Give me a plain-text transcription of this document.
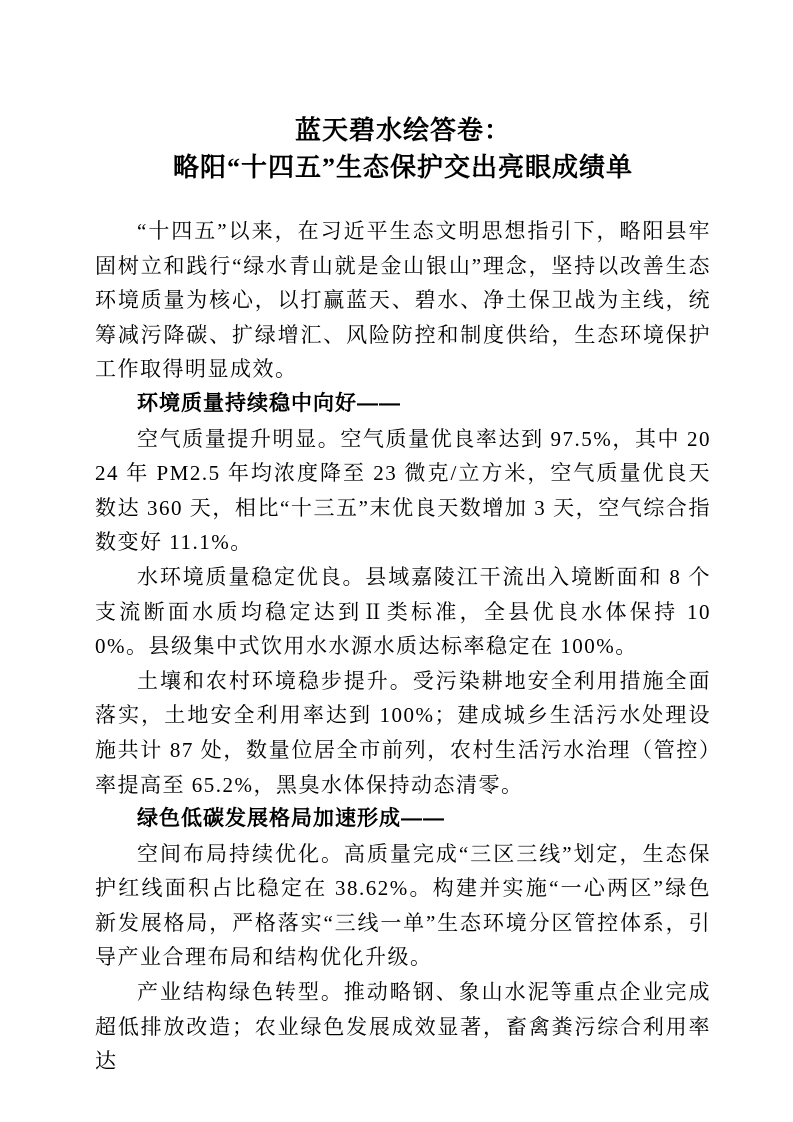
蓝天碧水绘答卷：
略阳“十四五”生态保护交出亮眼成绩单

“十四五”以来，在习近平生态文明思想指引下，略阳县牢固树立和践行“绿水青山就是金山银山”理念，坚持以改善生态环境质量为核心，以打赢蓝天、碧水、净土保卫战为主线，统筹减污降碳、扩绿增汇、风险防控和制度供给，生态环境保护工作取得明显成效。

环境质量持续稳中向好——

空气质量提升明显。空气质量优良率达到 97.5%，其中 2024 年 PM2.5 年均浓度降至 23 微克/立方米，空气质量优良天数达 360 天，相比“十三五”末优良天数增加 3 天，空气综合指数变好 11.1%。

水环境质量稳定优良。县域嘉陵江干流出入境断面和 8 个支流断面水质均稳定达到Ⅱ类标准，全县优良水体保持 100%。县级集中式饮用水水源水质达标率稳定在 100%。

土壤和农村环境稳步提升。受污染耕地安全利用措施全面落实，土地安全利用率达到 100%；建成城乡生活污水处理设施共计 87 处，数量位居全市前列，农村生活污水治理（管控）率提高至 65.2%，黑臭水体保持动态清零。

绿色低碳发展格局加速形成——

空间布局持续优化。高质量完成“三区三线”划定，生态保护红线面积占比稳定在 38.62%。构建并实施“一心两区”绿色新发展格局，严格落实“三线一单”生态环境分区管控体系，引导产业合理布局和结构优化升级。

产业结构绿色转型。推动略钢、象山水泥等重点企业完成超低排放改造；农业绿色发展成效显著，畜禽粪污综合利用率达
